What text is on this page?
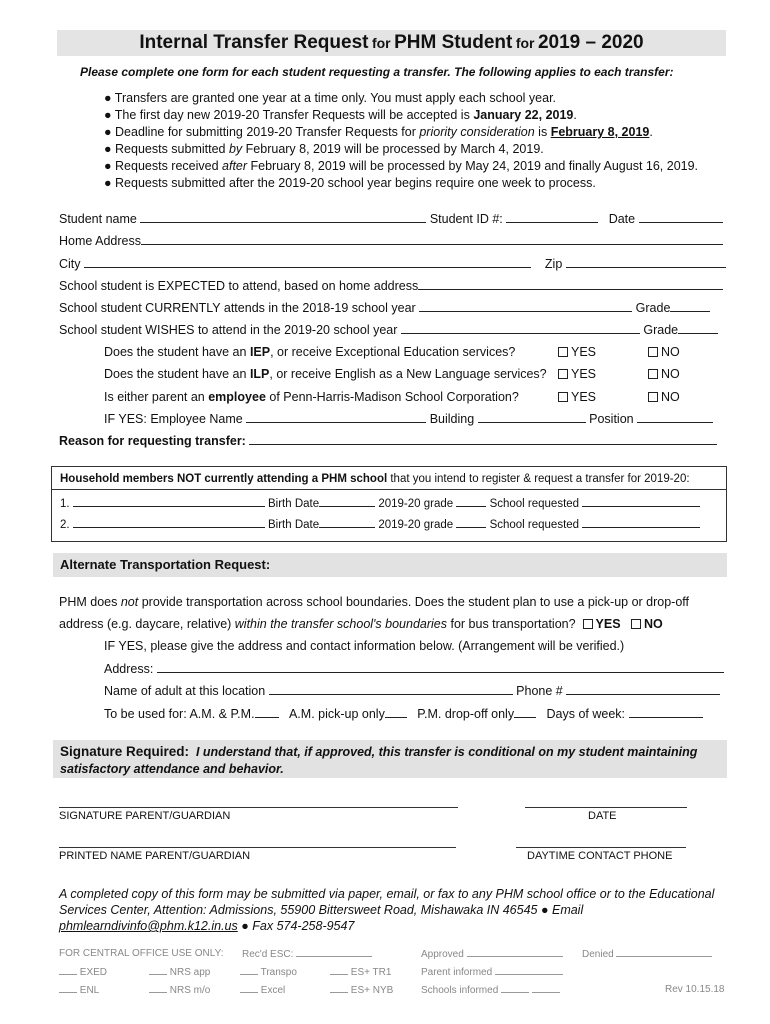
Internal Transfer Request for PHM Student for 2019 – 2020
Please complete one form for each student requesting a transfer. The following applies to each transfer:
● Transfers are granted one year at a time only. You must apply each school year.
● The first day new 2019-20 Transfer Requests will be accepted is January 22, 2019.
● Deadline for submitting 2019-20 Transfer Requests for priority consideration is February 8, 2019.
● Requests submitted by February 8, 2019 will be processed by March 4, 2019.
● Requests received after February 8, 2019 will be processed by May 24, 2019 and finally August 16, 2019.
● Requests submitted after the 2019-20 school year begins require one week to process.
Student name	Student ID #:	Date
Home Address
City	Zip
School student is EXPECTED to attend, based on home address
School student CURRENTLY attends in the 2018-19 school year	Grade
School student WISHES to attend in the 2019-20 school year	Grade
Does the student have an IEP, or receive Exceptional Education services?	YES	NO
Does the student have an ILP, or receive English as a New Language services?	YES	NO
Is either parent an employee of Penn-Harris-Madison School Corporation?	YES	NO
IF YES: Employee Name	Building	Position
Reason for requesting transfer:
Household members NOT currently attending a PHM school that you intend to register & request a transfer for 2019-20:
1.	Birth Date	2019-20 grade	School requested
2.	Birth Date	2019-20 grade	School requested
Alternate Transportation Request:
PHM does not provide transportation across school boundaries. Does the student plan to use a pick-up or drop-off
address (e.g. daycare, relative) within the transfer school's boundaries for bus transportation? YES NO
IF YES, please give the address and contact information below. (Arrangement will be verified.)
Address:
Name of adult at this location	Phone #
To be used for: A.M. & P.M.	A.M. pick-up only	P.M. drop-off only	Days of week:
Signature Required: I understand that, if approved, this transfer is conditional on my student maintaining
satisfactory attendance and behavior.
SIGNATURE PARENT/GUARDIAN	DATE
PRINTED NAME PARENT/GUARDIAN	DAYTIME CONTACT PHONE
A completed copy of this form may be submitted via paper, email, or fax to any PHM school office or to the Educational
Services Center, Attention: Admissions, 55900 Bittersweet Road, Mishawaka IN 46545 ● Email
phmlearndivinfo@phm.k12.in.us ● Fax 574-258-9547
FOR CENTRAL OFFICE USE ONLY: Rec'd ESC:	Approved	Denied
EXED	NRS app	Transpo	ES+ TR1	Parent informed
ENL	NRS m/o	Excel	ES+ NYB	Schools informed	Rev 10.15.18
